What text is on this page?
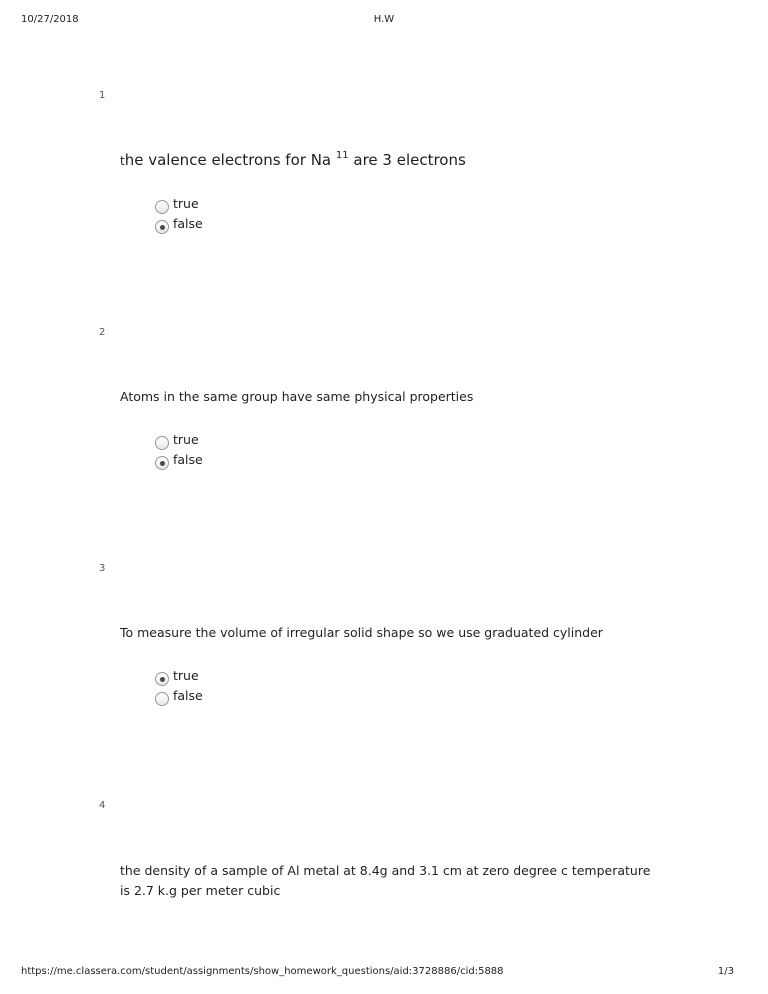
10/27/2018	H.W
1
the valence electrons for Na $^{11}$ are 3 electrons
true
false
2
Atoms in the same group have same physical properties
true
false
3
To measure the volume of irregular solid shape so we use graduated cylinder
true
false
4
the density of a sample of Al metal at 8.4g and 3.1 cm at zero degree c temperature is 2.7 k.g per meter cubic
https://me.classera.com/student/assignments/show_homework_questions/aid:3728886/cid:5888	1/3
